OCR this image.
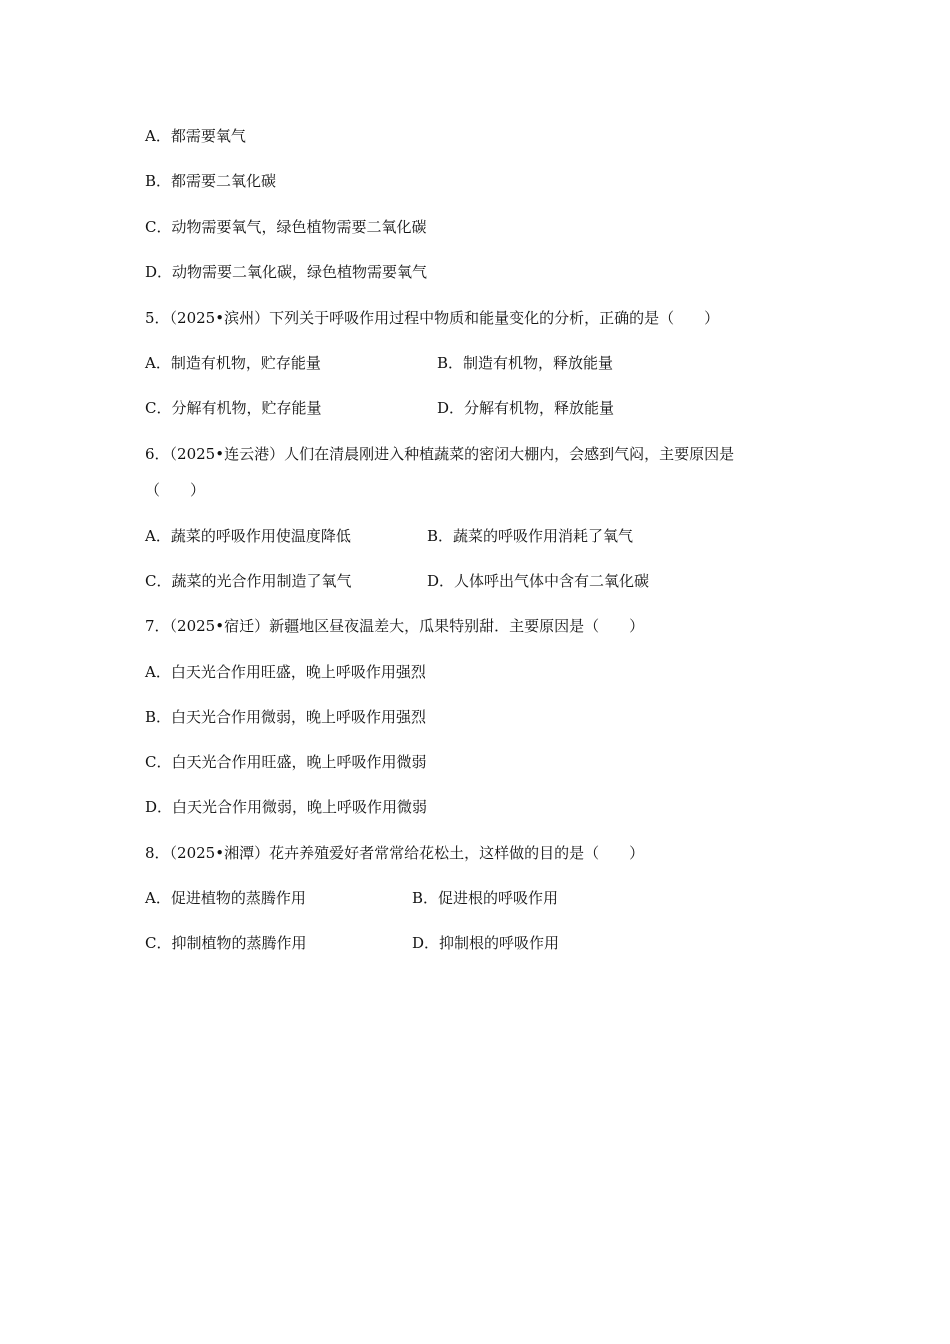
A．都需要氧气
B．都需要二氧化碳
C．动物需要氧气，绿色植物需要二氧化碳
D．动物需要二氧化碳，绿色植物需要氧气
5．（2025•滨州）下列关于呼吸作用过程中物质和能量变化的分析，正确的是（　　）
A．制造有机物，贮存能量	B．制造有机物，释放能量
C．分解有机物，贮存能量	D．分解有机物，释放能量
6．（2025•连云港）人们在清晨刚进入种植蔬菜的密闭大棚内，会感到气闷，主要原因是
（　　）
A．蔬菜的呼吸作用使温度降低	B．蔬菜的呼吸作用消耗了氧气
C．蔬菜的光合作用制造了氧气	D．人体呼出气体中含有二氧化碳
7．（2025•宿迁）新疆地区昼夜温差大，瓜果特别甜．主要原因是（　　）
A．白天光合作用旺盛，晚上呼吸作用强烈
B．白天光合作用微弱，晚上呼吸作用强烈
C．白天光合作用旺盛，晚上呼吸作用微弱
D．白天光合作用微弱，晚上呼吸作用微弱
8．（2025•湘潭）花卉养殖爱好者常常给花松土，这样做的目的是（　　）
A．促进植物的蒸腾作用	B．促进根的呼吸作用
C．抑制植物的蒸腾作用	D．抑制根的呼吸作用
